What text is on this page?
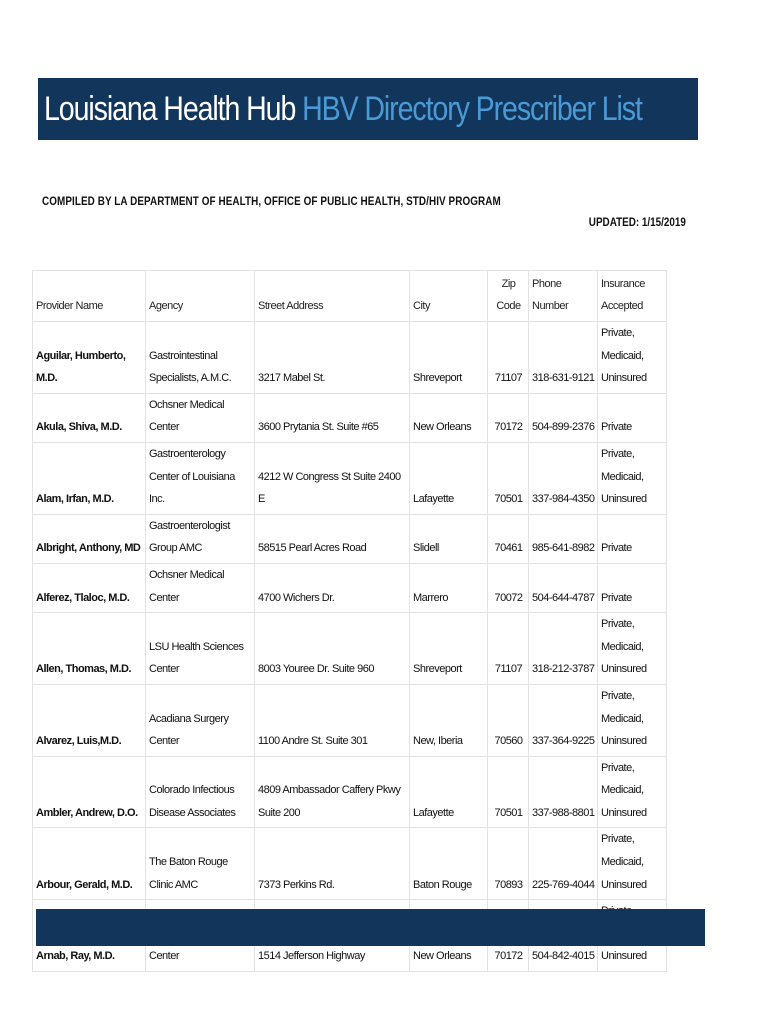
Louisiana Health Hub HBV Directory Prescriber List
COMPILED BY LA DEPARTMENT OF HEALTH, OFFICE OF PUBLIC HEALTH, STD/HIV PROGRAM
UPDATED: 1/15/2019
Provider Name	Agency	Street Address	City	Zip Code	Phone Number	Insurance Accepted
Aguilar, Humberto, M.D.	Gastrointestinal Specialists, A.M.C.	3217 Mabel St.	Shreveport	71107	318-631-9121	Private, Medicaid, Uninsured
Akula, Shiva, M.D.	Ochsner Medical Center	3600 Prytania St. Suite #65	New Orleans	70172	504-899-2376	Private
Alam, Irfan, M.D.	Gastroenterology Center of Louisiana Inc.	4212 W Congress St Suite 2400 E	Lafayette	70501	337-984-4350	Private, Medicaid, Uninsured
Albright, Anthony, MD	Gastroenterologist Group AMC	58515 Pearl Acres Road	Slidell	70461	985-641-8982	Private
Alferez, Tlaloc, M.D.	Ochsner Medical Center	4700 Wichers Dr.	Marrero	70072	504-644-4787	Private
Allen, Thomas, M.D.	LSU Health Sciences Center	8003 Youree Dr. Suite 960	Shreveport	71107	318-212-3787	Private, Medicaid, Uninsured
Alvarez, Luis,M.D.	Acadiana Surgery Center	1100 Andre St. Suite 301	New, Iberia	70560	337-364-9225	Private, Medicaid, Uninsured
Ambler, Andrew, D.O.	Colorado Infectious Disease Associates	4809 Ambassador Caffery Pkwy Suite 200	Lafayette	70501	337-988-8801	Private, Medicaid, Uninsured
Arbour, Gerald, M.D.	The Baton Rouge Clinic AMC	7373 Perkins Rd.	Baton Rouge	70893	225-769-4044	Private, Medicaid, Uninsured
Arnab, Ray, M.D.	Center	1514 Jefferson Highway	New Orleans	70172	504-842-4015	Uninsured
